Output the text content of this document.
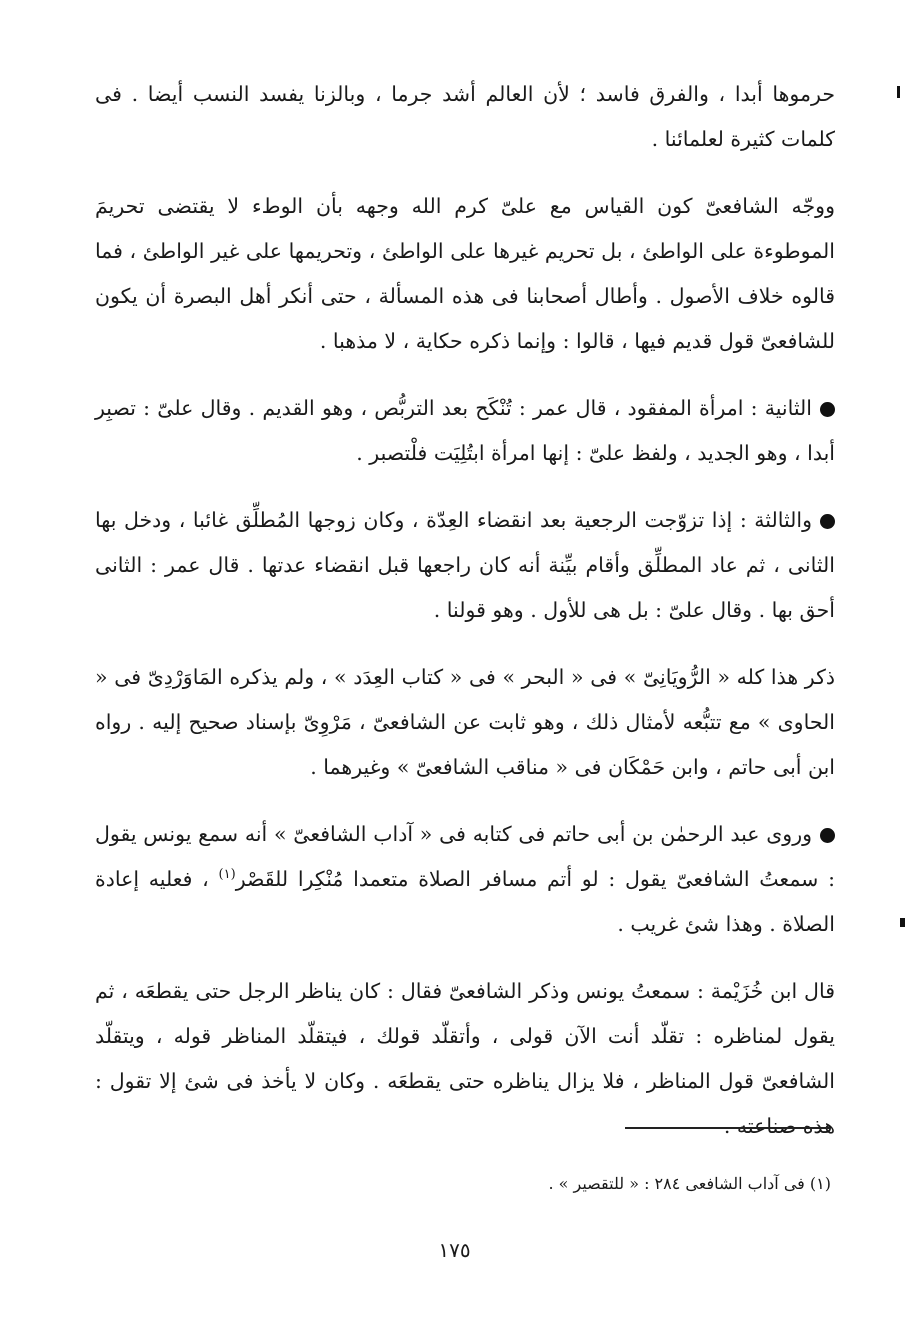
حرموها أبدا ، والفرق فاسد ؛ لأن العالم أشد جرما ، وبالزنا يفسد النسب أيضا . فى كلمات كثيرة لعلمائنا .

ووجّه الشافعىّ كون القياس مع علىّ كرم الله وجهه بأن الوطء لا يقتضى تحريمَ الموطوءة على الواطئ ، بل تحريم غيرها على الواطئ ، وتحريمها على غير الواطئ ، فما قالوه خلاف الأصول . وأطال أصحابنا فى هذه المسألة ، حتى أنكر أهل البصرة أن يكون للشافعىّ قول قديم فيها ، قالوا : وإنما ذكره حكاية ، لا مذهبا .

الثانية : امرأة المفقود ، قال عمر : تُنْكَح بعد التربُّص ، وهو القديم . وقال علىّ : تصبِر أبدا ، وهو الجديد ، ولفظ علىّ : إنها امرأة ابتُلِيَت فلْتصبر .

والثالثة : إذا تزوّجت الرجعية بعد انقضاء العِدّة ، وكان زوجها المُطلِّق غائبا ، ودخل بها الثانى ، ثم عاد المطلِّق وأقام بيِّنة أنه كان راجعها قبل انقضاء عدتها . قال عمر : الثانى أحق بها . وقال علىّ : بل هى للأول . وهو قولنا .

ذكر هذا كله « الرُّويَانِىّ » فى « البحر » فى « كتاب العِدَد » ، ولم يذكره المَاوَرْدِىّ فى « الحاوى » مع تتبُّعه لأمثال ذلك ، وهو ثابت عن الشافعىّ ، مَرْوِىّ بإسناد صحيح إليه . رواه ابن أبى حاتم ، وابن حَمْكَان فى « مناقب الشافعىّ » وغيرهما .

وروى عبد الرحمٰن بن أبى حاتم فى كتابه فى « آداب الشافعىّ » أنه سمع يونس يقول : سمعتُ الشافعىّ يقول : لو أتم مسافر الصلاة متعمدا مُنْكِرا للقَصْر$^{(١)}$ ، فعليه إعادة الصلاة . وهذا شئ غريب .

قال ابن خُزَيْمة : سمعتُ يونس وذكر الشافعىّ فقال : كان يناظر الرجل حتى يقطعَه ، ثم يقول لمناظره : تقلّد أنت الآن قولى ، وأتقلّد قولك ، فيتقلّد المناظر قوله ، ويتقلّد الشافعىّ قول المناظر ، فلا يزال يناظره حتى يقطعَه . وكان لا يأخذ فى شئ إلا تقول : هذه صناعته .

(١) فى آداب الشافعى ٢٨٤ : « للتقصير » .

١٧٥
